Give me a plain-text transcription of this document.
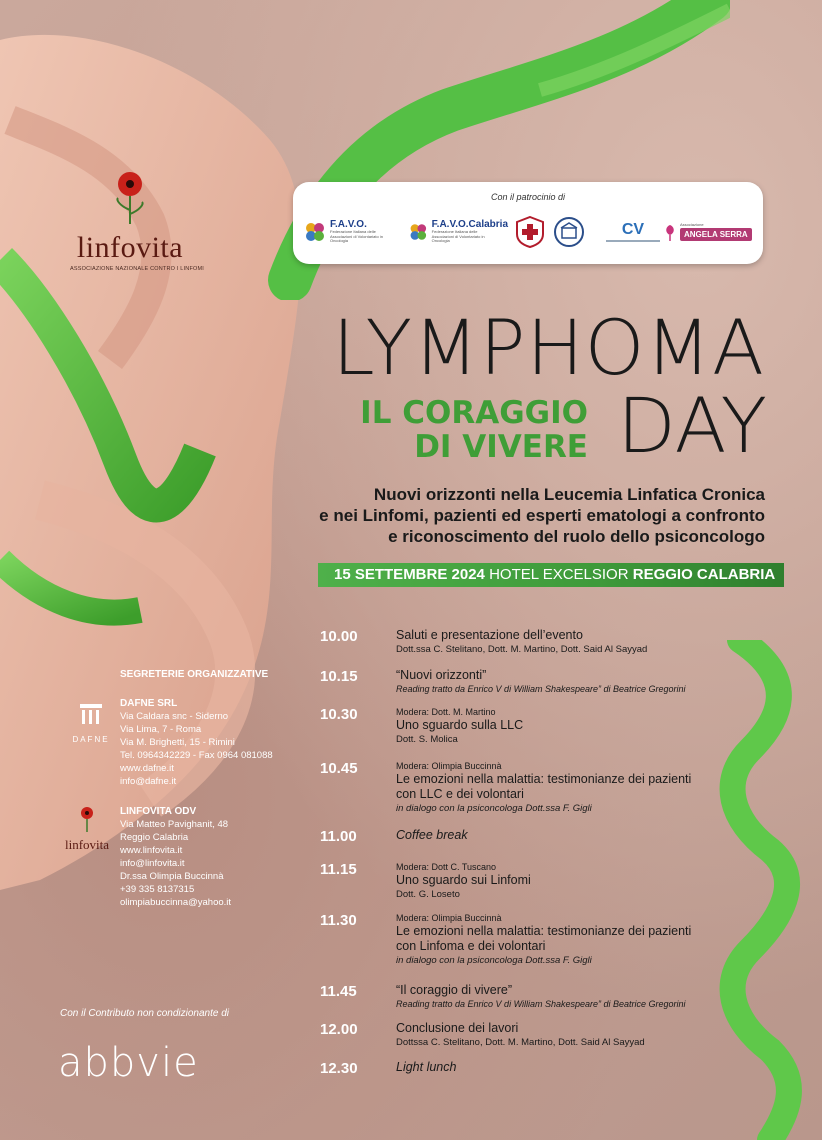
linfovita
ASSOCIAZIONE NAZIONALE CONTRO I LINFOMI
Con il patrocinio di
F.A.V.O.
Federazione Italiana delle Associazioni di Volontariato in Oncologia
F.A.V.O.Calabria
Federazione Italiana delle Associazioni di Volontariato in Oncologia
CV	Associazione
ANGELA SERRA
LYMPHOMA
IL CORAGGIO
DI VIVERE DAY
Nuovi orizzonti nella Leucemia Linfatica Cronica
e nei Linfomi, pazienti ed esperti ematologi a confronto
e riconoscimento del ruolo dello psiconcologo
15 SETTEMBRE 2024 HOTEL EXCELSIOR REGGIO CALABRIA
10.00	Saluti e presentazione dell’evento
Dott.ssa C. Stelitano, Dott. M. Martino, Dott. Said Al Sayyad
10.15	“Nuovi orizzonti”
Reading tratto da Enrico V di William Shakespeare” di Beatrice Gregorini
10.30	Modera: Dott. M. Martino
Uno sguardo sulla LLC
Dott. S. Molica
10.45	Modera: Olimpia Buccinnà
Le emozioni nella malattia: testimonianze dei pazienti
con LLC e dei volontari
in dialogo con la psiconcologa Dott.ssa F. Gigli
11.00	Coffee break
11.15	Modera: Dott C. Tuscano
Uno sguardo sui Linfomi
Dott. G. Loseto
11.30	Modera: Olimpia Buccinnà
Le emozioni nella malattia: testimonianze dei pazienti
con Linfoma e dei volontari
in dialogo con la psiconcologa Dott.ssa F. Gigli
11.45	“Il coraggio di vivere”
Reading tratto da Enrico V di William Shakespeare” di Beatrice Gregorini
12.00	Conclusione dei lavori
Dottssa C. Stelitano, Dott. M. Martino, Dott. Said Al Sayyad
12.30	Light lunch
SEGRETERIE ORGANIZZATIVE
DAFNE
DAFNE SRL
Via Caldara snc - Siderno
Via Lima, 7 - Roma
Via M. Brighetti, 15 - Rimini
Tel. 0964342229 - Fax 0964 081088
www.dafne.it
info@dafne.it
linfovita
LINFOVITA ODV
Via Matteo Pavighanit, 48
Reggio Calabria
www.linfovita.it
info@linfovita.it
Dr.ssa Olimpia Buccinnà
+39 335 8137315
olimpiabuccinna@yahoo.it
Con il Contributo non condizionante di
abbvie
